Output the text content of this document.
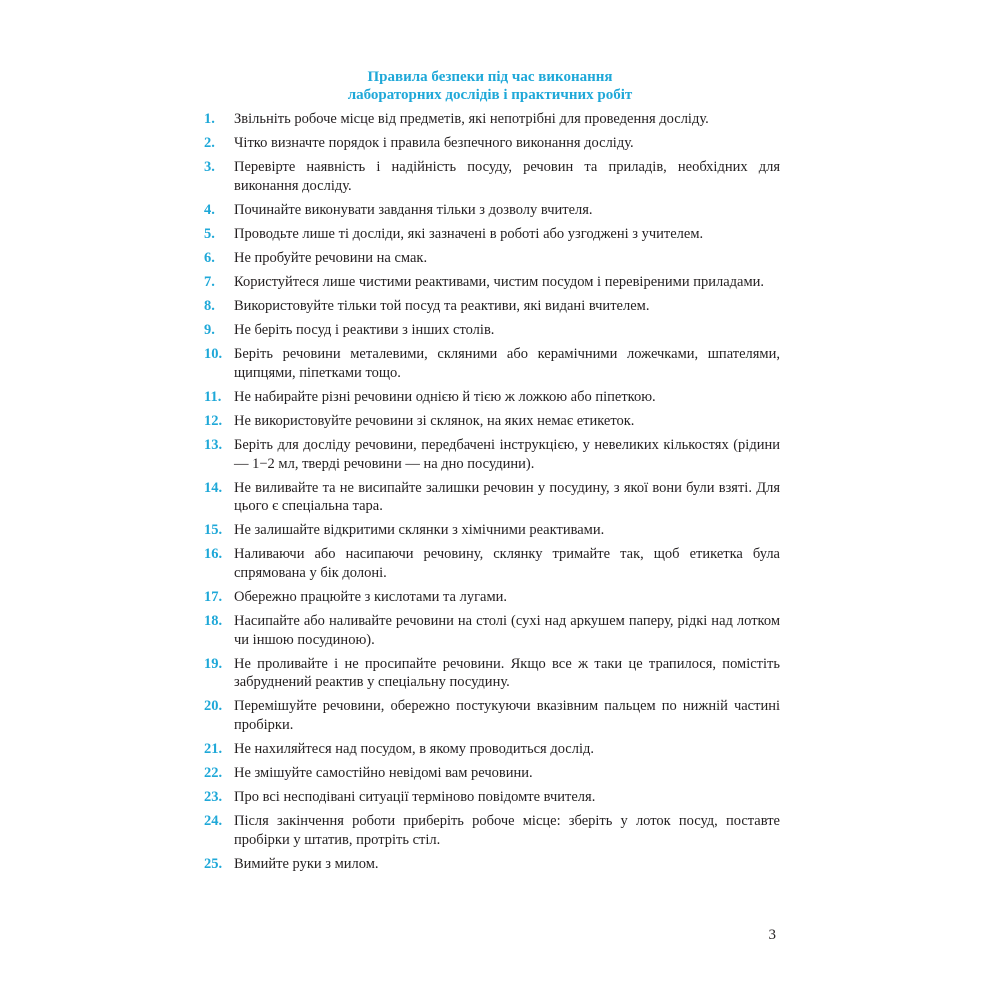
Правила безпеки під час виконання
лабораторних дослідів і практичних робіт
1.	Звільніть робоче місце від предметів, які непотрібні для проведення досліду.
2.	Чітко визначте порядок і правила безпечного виконання досліду.
3.	Перевірте наявність і надійність посуду, речовин та приладів, необхідних для виконання досліду.
4.	Починайте виконувати завдання тільки з дозволу вчителя.
5.	Проводьте лише ті досліди, які зазначені в роботі або узгоджені з учителем.
6.	Не пробуйте речовини на смак.
7.	Користуйтеся лише чистими реактивами, чистим посудом і перевіреними приладами.
8.	Використовуйте тільки той посуд та реактиви, які видані вчителем.
9.	Не беріть посуд і реактиви з інших столів.
10. Беріть речовини металевими, скляними або керамічними ложечками, шпателями, щипцями, піпетками тощо.
11. Не набирайте різні речовини однією й тією ж ложкою або піпеткою.
12. Не використовуйте речовини зі склянок, на яких немає етикеток.
13. Беріть для досліду речовини, передбачені інструкцією, у невеликих кількостях (рідини — 1−2 мл, тверді речовини — на дно посудини).
14. Не виливайте та не висипайте залишки речовин у посудину, з якої вони були взяті. Для цього є спеціальна тара.
15. Не залишайте відкритими склянки з хімічними реактивами.
16. Наливаючи або насипаючи речовину, склянку тримайте так, щоб етикетка була спрямована у бік долоні.
17. Обережно працюйте з кислотами та лугами.
18. Насипайте або наливайте речовини на столі (сухі над аркушем паперу, рідкі над лотком чи іншою посудиною).
19. Не проливайте і не просипайте речовини. Якщо все ж таки це трапилося, помістіть забруднений реактив у спеціальну посудину.
20. Перемішуйте речовини, обережно постукуючи вказівним пальцем по нижній частині пробірки.
21. Не нахиляйтеся над посудом, в якому проводиться дослід.
22. Не змішуйте самостійно невідомі вам речовини.
23. Про всі несподівані ситуації терміново повідомте вчителя.
24. Після закінчення роботи приберіть робоче місце: зберіть у лоток посуд, поставте пробірки у штатив, протріть стіл.
25. Вимийте руки з милом.
3
